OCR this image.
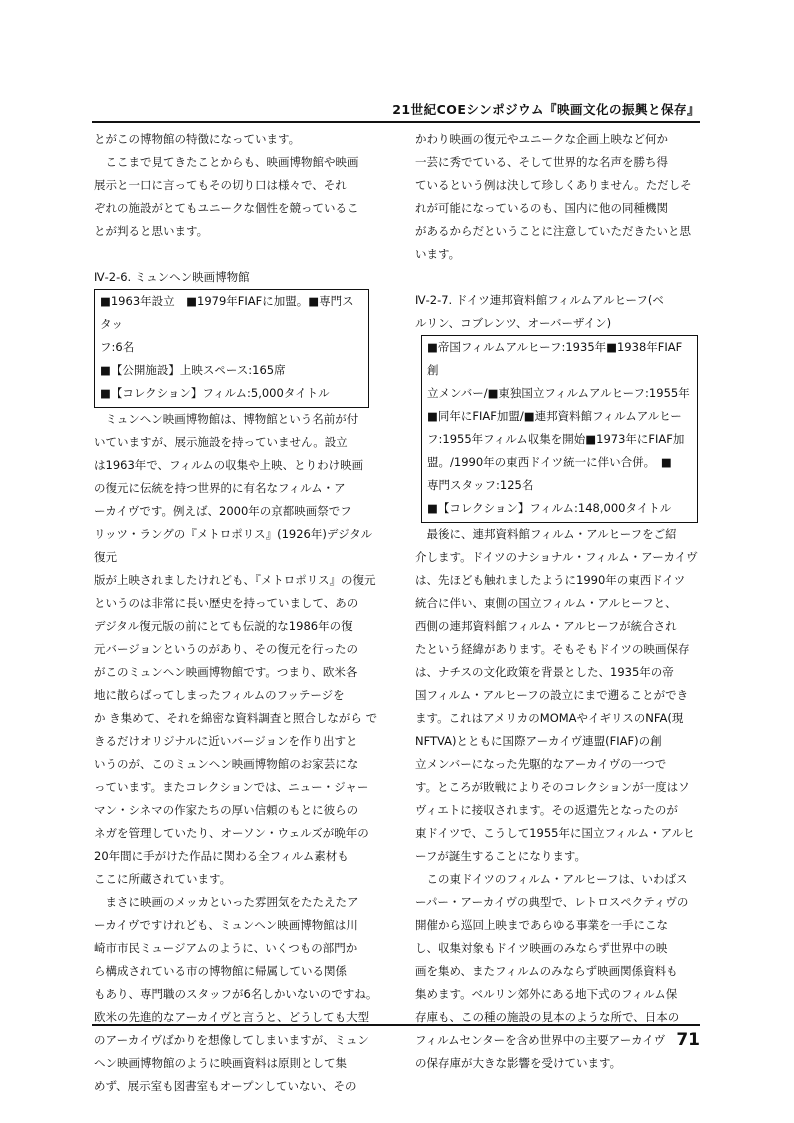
21世紀COEシンポジウム『映画文化の振興と保存』

とがこの博物館の特徴になっています。

　ここまで見てきたことからも、映画博物館や映画

展示と一口に言ってもその切り口は様々で、それ

ぞれの施設がとてもユニークな個性を競っているこ

とが判ると思います。

Ⅳ-2-6. ミュンヘン映画博物館

■1963年設立　■1979年FIAFに加盟。■専門スタッ

フ:6名

■【公開施設】上映スペース:165席

■【コレクション】フィルム:5,000タイトル

　ミュンヘン映画博物館は、博物館という名前が付

いていますが、展示施設を持っていません。設立

は1963年で、フィルムの収集や上映、とりわけ映画

の復元に伝統を持つ世界的に有名なフィルム・ア

ーカイヴです。例えば、2000年の京都映画祭でフ

リッツ・ラングの『メトロポリス』(1926年)デジタル復元

版が上映されましたけれども、『メトロポリス』の復元

というのは非常に長い歴史を持っていまして、あの

デジタル復元版の前にとても伝説的な1986年の復

元バージョンというのがあり、その復元を行ったの

がこのミュンヘン映画博物館です。つまり、欧米各

地に散らばってしまったフィルムのフッテージを

か き集めて、それを綿密な資料調査と照合しながら で

きるだけオリジナルに近いバージョンを作り出すと

いうのが、このミュンヘン映画博物館のお家芸にな

っています。またコレクションでは、ニュー・ジャー

マン・シネマの作家たちの厚い信頼のもとに彼らの

ネガを管理していたり、オーソン・ウェルズが晩年の

20年間に手がけた作品に関わる全フィルム素材も

ここに所蔵されています。

　まさに映画のメッカといった雰囲気をたたえたア

ーカイヴですけれども、ミュンヘン映画博物館は川

崎市市民ミュージアムのように、いくつもの部門か

ら構成されている市の博物館に帰属している関係

もあり、専門職のスタッフが6名しかいないのですね。

欧米の先進的なアーカイヴと言うと、どうしても大型

のアーカイヴばかりを想像してしまいますが、ミュン

ヘン映画博物館のように映画資料は原則として集

めず、展示室も図書室もオープンしていない、その

かわり映画の復元やユニークな企画上映など何か

一芸に秀でている、そして世界的な名声を勝ち得

ているという例は決して珍しくありません。ただしそ

れが可能になっているのも、国内に他の同種機関

があるからだということに注意していただきたいと思

います。

Ⅳ-2-7. ドイツ連邦資料館フィルムアルヒーフ(ベ

ルリン、コブレンツ、オーバーザイン)

■帝国フィルムアルヒーフ:1935年■1938年FIAF創

立メンバー/■東独国立フィルムアルヒーフ:1955年

■同年にFIAF加盟/■連邦資料館フィルムアルヒー

フ:1955年フィルム収集を開始■1973年にFIAF加

盟。/1990年の東西ドイツ統一に伴い合併。　■

専門スタッフ:125名

■【コレクション】フィルム:148,000タイトル

　最後に、連邦資料館フィルム・アルヒーフをご紹

介します。ドイツのナショナル・フィルム・アーカイヴ

は、先ほども触れましたように1990年の東西ドイツ

統合に伴い、東側の国立フィルム・アルヒーフと、

西側の連邦資料館フィルム・アルヒーフが統合され

たという経緯があります。そもそもドイツの映画保存

は、ナチスの文化政策を背景とした、1935年の帝

国フィルム・アルヒーフの設立にまで遡ることができ

ます。これはアメリカのMOMAやイギリスのNFA(現

NFTVA)とともに国際アーカイヴ連盟(FIAF)の創

立メンバーになった先駆的なアーカイヴの一つで

す。ところが敗戦によりそのコレクションが一度はソ

ヴィエトに接収されます。その返還先となったのが

東ドイツで、こうして1955年に国立フィルム・アルヒ

ーフが誕生することになります。

　この東ドイツのフィルム・アルヒーフは、いわばス

ーパー・アーカイヴの典型で、レトロスペクティヴの

開催から巡回上映まであらゆる事業を一手にこな

し、収集対象もドイツ映画のみならず世界中の映

画を集め、またフィルムのみならず映画関係資料も

集めます。ベルリン郊外にある地下式のフィルム保

存庫も、この種の施設の見本のような所で、日本の

フィルムセンターを含め世界中の主要アーカイヴ

の保存庫が大きな影響を受けています。

71
